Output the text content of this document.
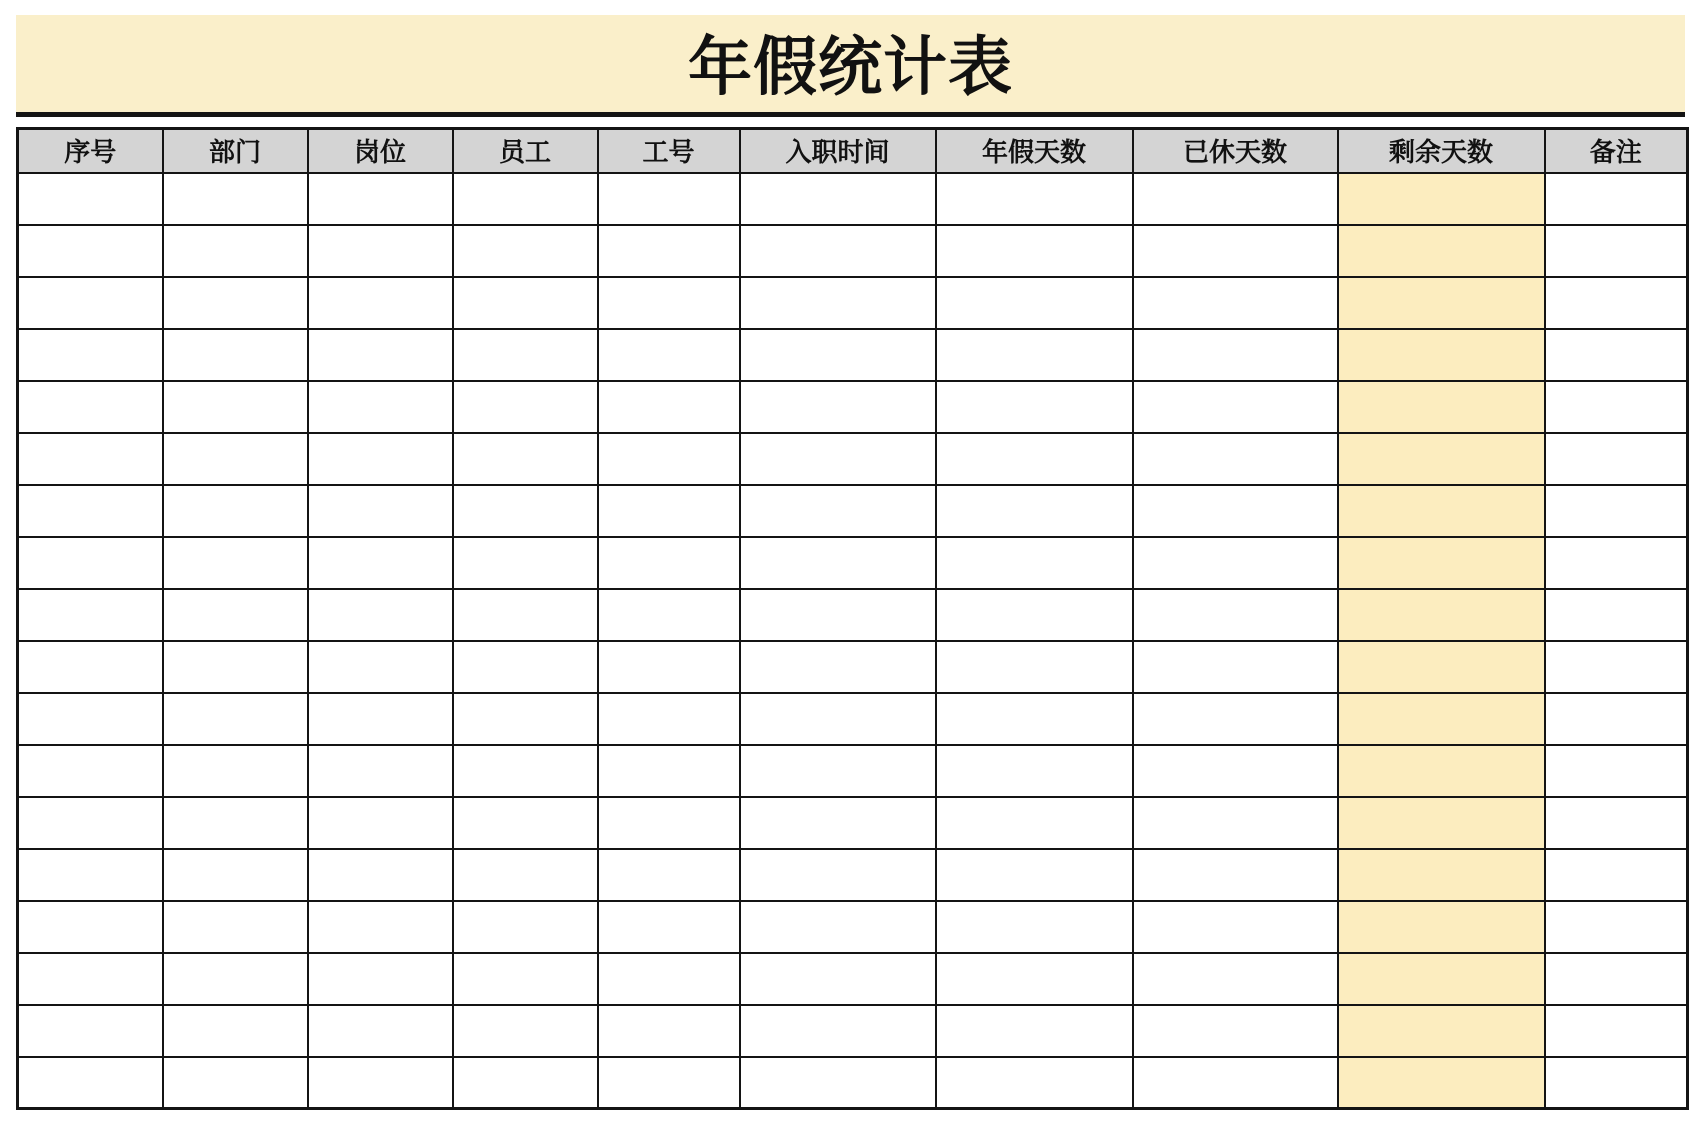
年假统计表
序号	部门	岗位	员工	工号	入职时间	年假天数	已休天数	剩余天数	备注
